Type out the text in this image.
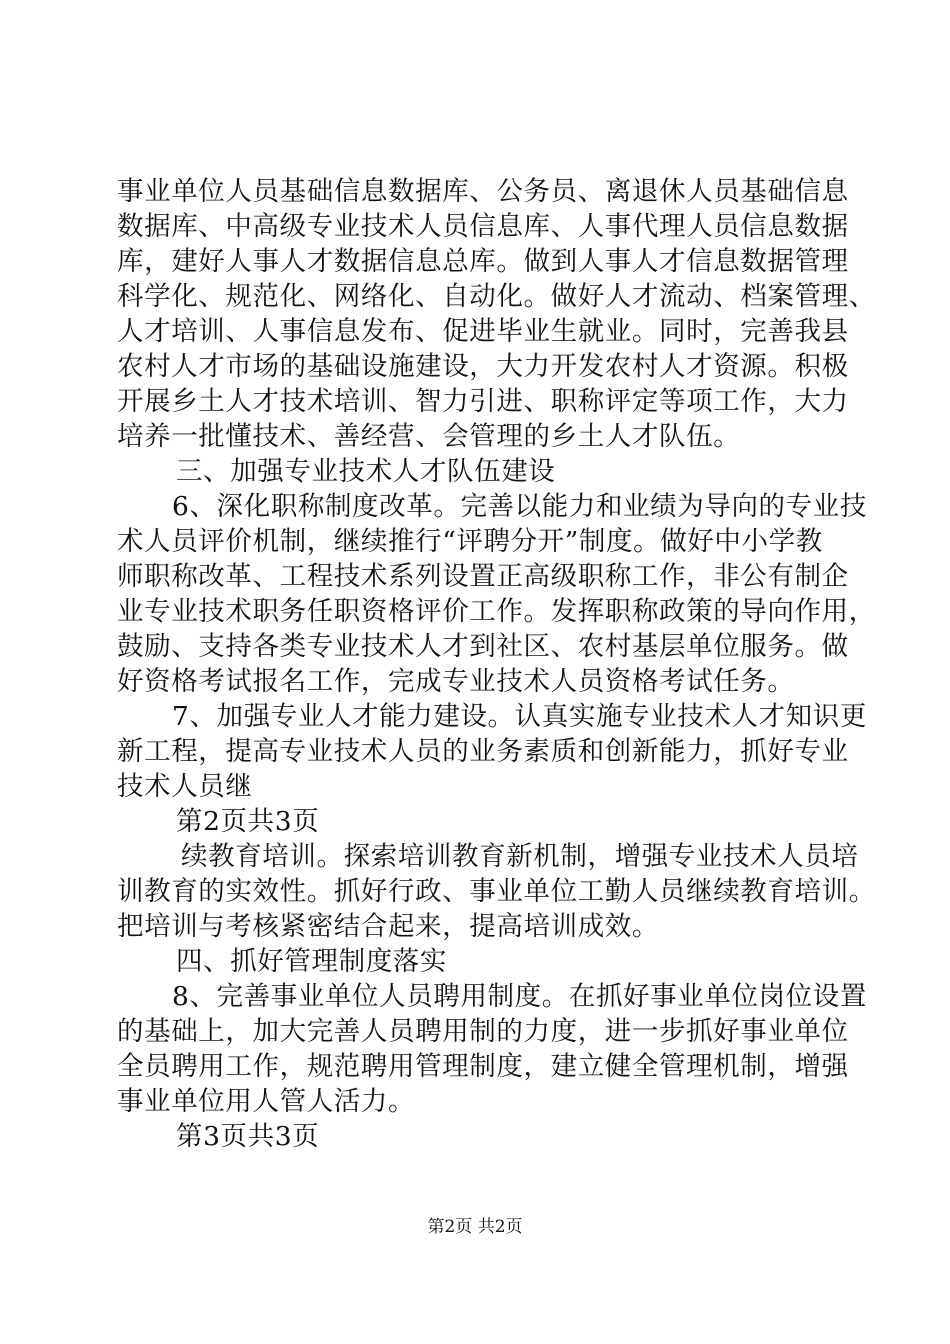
事业单位人员基础信息数据库、公务员、离退休人员基础信息
数据库、中高级专业技术人员信息库、人事代理人员信息数据
库，建好人事人才数据信息总库。做到人事人才信息数据管理
科学化、规范化、网络化、自动化。做好人才流动、档案管理、
人才培训、人事信息发布、促进毕业生就业。同时，完善我县
农村人才市场的基础设施建设，大力开发农村人才资源。积极
开展乡土人才技术培训、智力引进、职称评定等项工作，大力
培养一批懂技术、善经营、会管理的乡土人才队伍。
三、加强专业技术人才队伍建设
6、深化职称制度改革。完善以能力和业绩为导向的专业技
术人员评价机制，继续推行“评聘分开”制度。做好中小学教
师职称改革、工程技术系列设置正高级职称工作，非公有制企
业专业技术职务任职资格评价工作。发挥职称政策的导向作用，
鼓励、支持各类专业技术人才到社区、农村基层单位服务。做
好资格考试报名工作，完成专业技术人员资格考试任务。
7、加强专业人才能力建设。认真实施专业技术人才知识更
新工程，提高专业技术人员的业务素质和创新能力，抓好专业
技术人员继
第2页共3页
续教育培训。探索培训教育新机制，增强专业技术人员培
训教育的实效性。抓好行政、事业单位工勤人员继续教育培训。
把培训与考核紧密结合起来，提高培训成效。
四、抓好管理制度落实
8、完善事业单位人员聘用制度。在抓好事业单位岗位设置
的基础上，加大完善人员聘用制的力度，进一步抓好事业单位
全员聘用工作，规范聘用管理制度，建立健全管理机制，增强
事业单位用人管人活力。
第3页共3页
第2页 共2页
